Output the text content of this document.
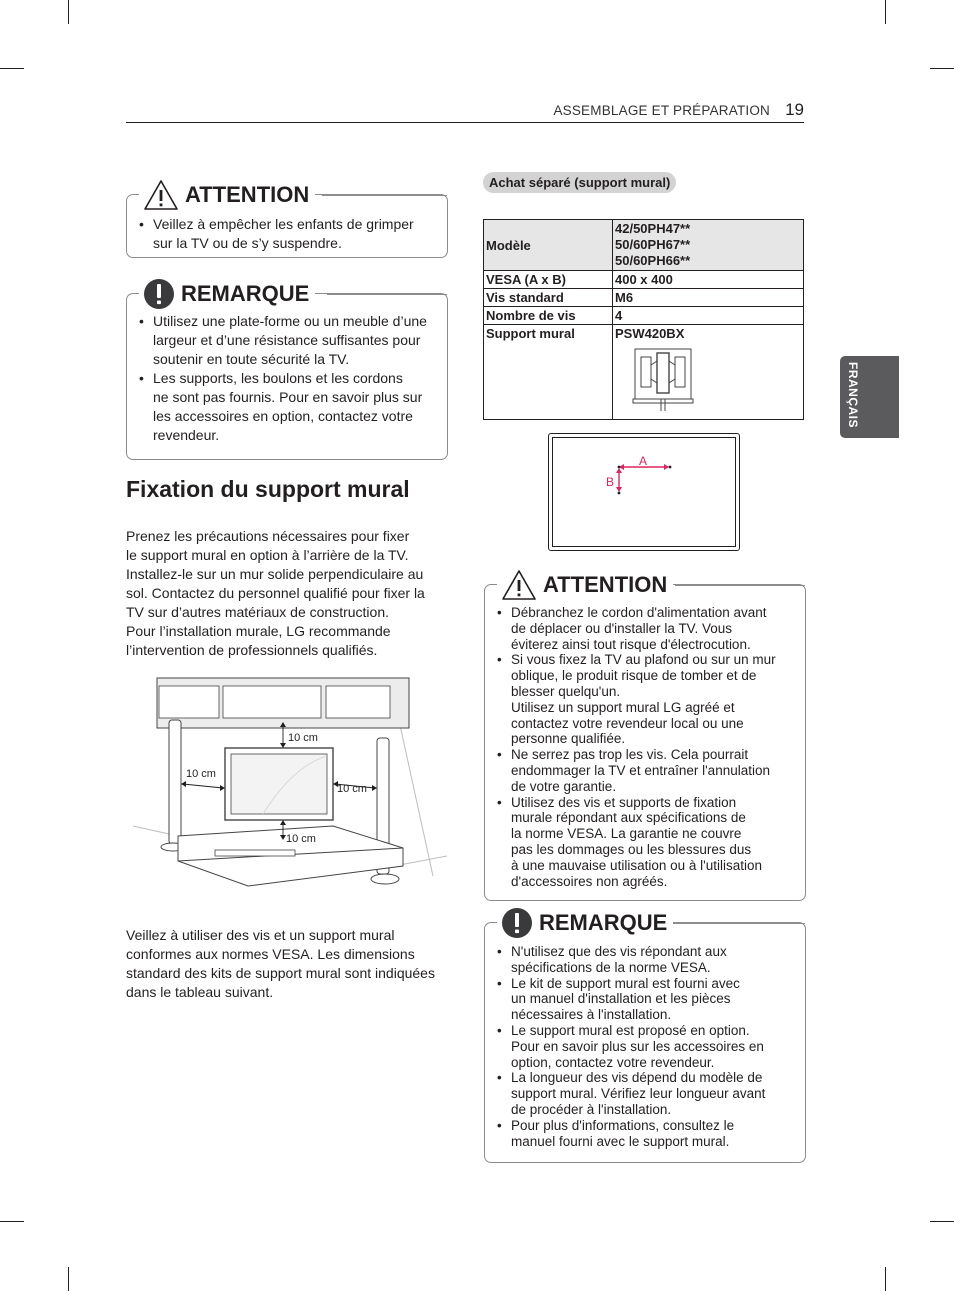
ASSEMBLAGE ET PRÉPARATION 19
FRANÇAIS
ATTENTION
• Veillez à empêcher les enfants de grimper
sur la TV ou de s’y suspendre.
REMARQUE
• Utilisez une plate-forme ou un meuble d’une
largeur et d’une résistance suffisantes pour
soutenir en toute sécurité la TV.
• Les supports, les boulons et les cordons
ne sont pas fournis. Pour en savoir plus sur
les accessoires en option, contactez votre
revendeur.
Fixation du support mural
Prenez les précautions nécessaires pour fixer
le support mural en option à l’arrière de la TV.
Installez-le sur un mur solide perpendiculaire au
sol. Contactez du personnel qualifié pour fixer la
TV sur d’autres matériaux de construction.
Pour l’installation murale, LG recommande
l’intervention de professionnels qualifiés.
10 cm
10 cm
10 cm
10 cm
Veillez à utiliser des vis et un support mural
conformes aux normes VESA. Les dimensions
standard des kits de support mural sont indiquées
dans le tableau suivant.
Achat séparé (support mural)
Modèle	42/50PH47**
50/60PH67**
50/60PH66**
VESA (A x B)	400 x 400
Vis standard	M6
Nombre de vis	4
Support mural	PSW420BX
A
B
ATTENTION
• Débranchez le cordon d'alimentation avant
de déplacer ou d'installer la TV. Vous
éviterez ainsi tout risque d'électrocution.
• Si vous fixez la TV au plafond ou sur un mur
oblique, le produit risque de tomber et de
blesser quelqu'un.
Utilisez un support mural LG agréé et
contactez votre revendeur local ou une
personne qualifiée.
• Ne serrez pas trop les vis. Cela pourrait
endommager la TV et entraîner l'annulation
de votre garantie.
• Utilisez des vis et supports de fixation
murale répondant aux spécifications de
la norme VESA. La garantie ne couvre
pas les dommages ou les blessures dus
à une mauvaise utilisation ou à l'utilisation
d'accessoires non agréés.
REMARQUE
• N'utilisez que des vis répondant aux
spécifications de la norme VESA.
• Le kit de support mural est fourni avec
un manuel d'installation et les pièces
nécessaires à l'installation.
• Le support mural est proposé en option.
Pour en savoir plus sur les accessoires en
option, contactez votre revendeur.
• La longueur des vis dépend du modèle de
support mural. Vérifiez leur longueur avant
de procéder à l'installation.
• Pour plus d'informations, consultez le
manuel fourni avec le support mural.
